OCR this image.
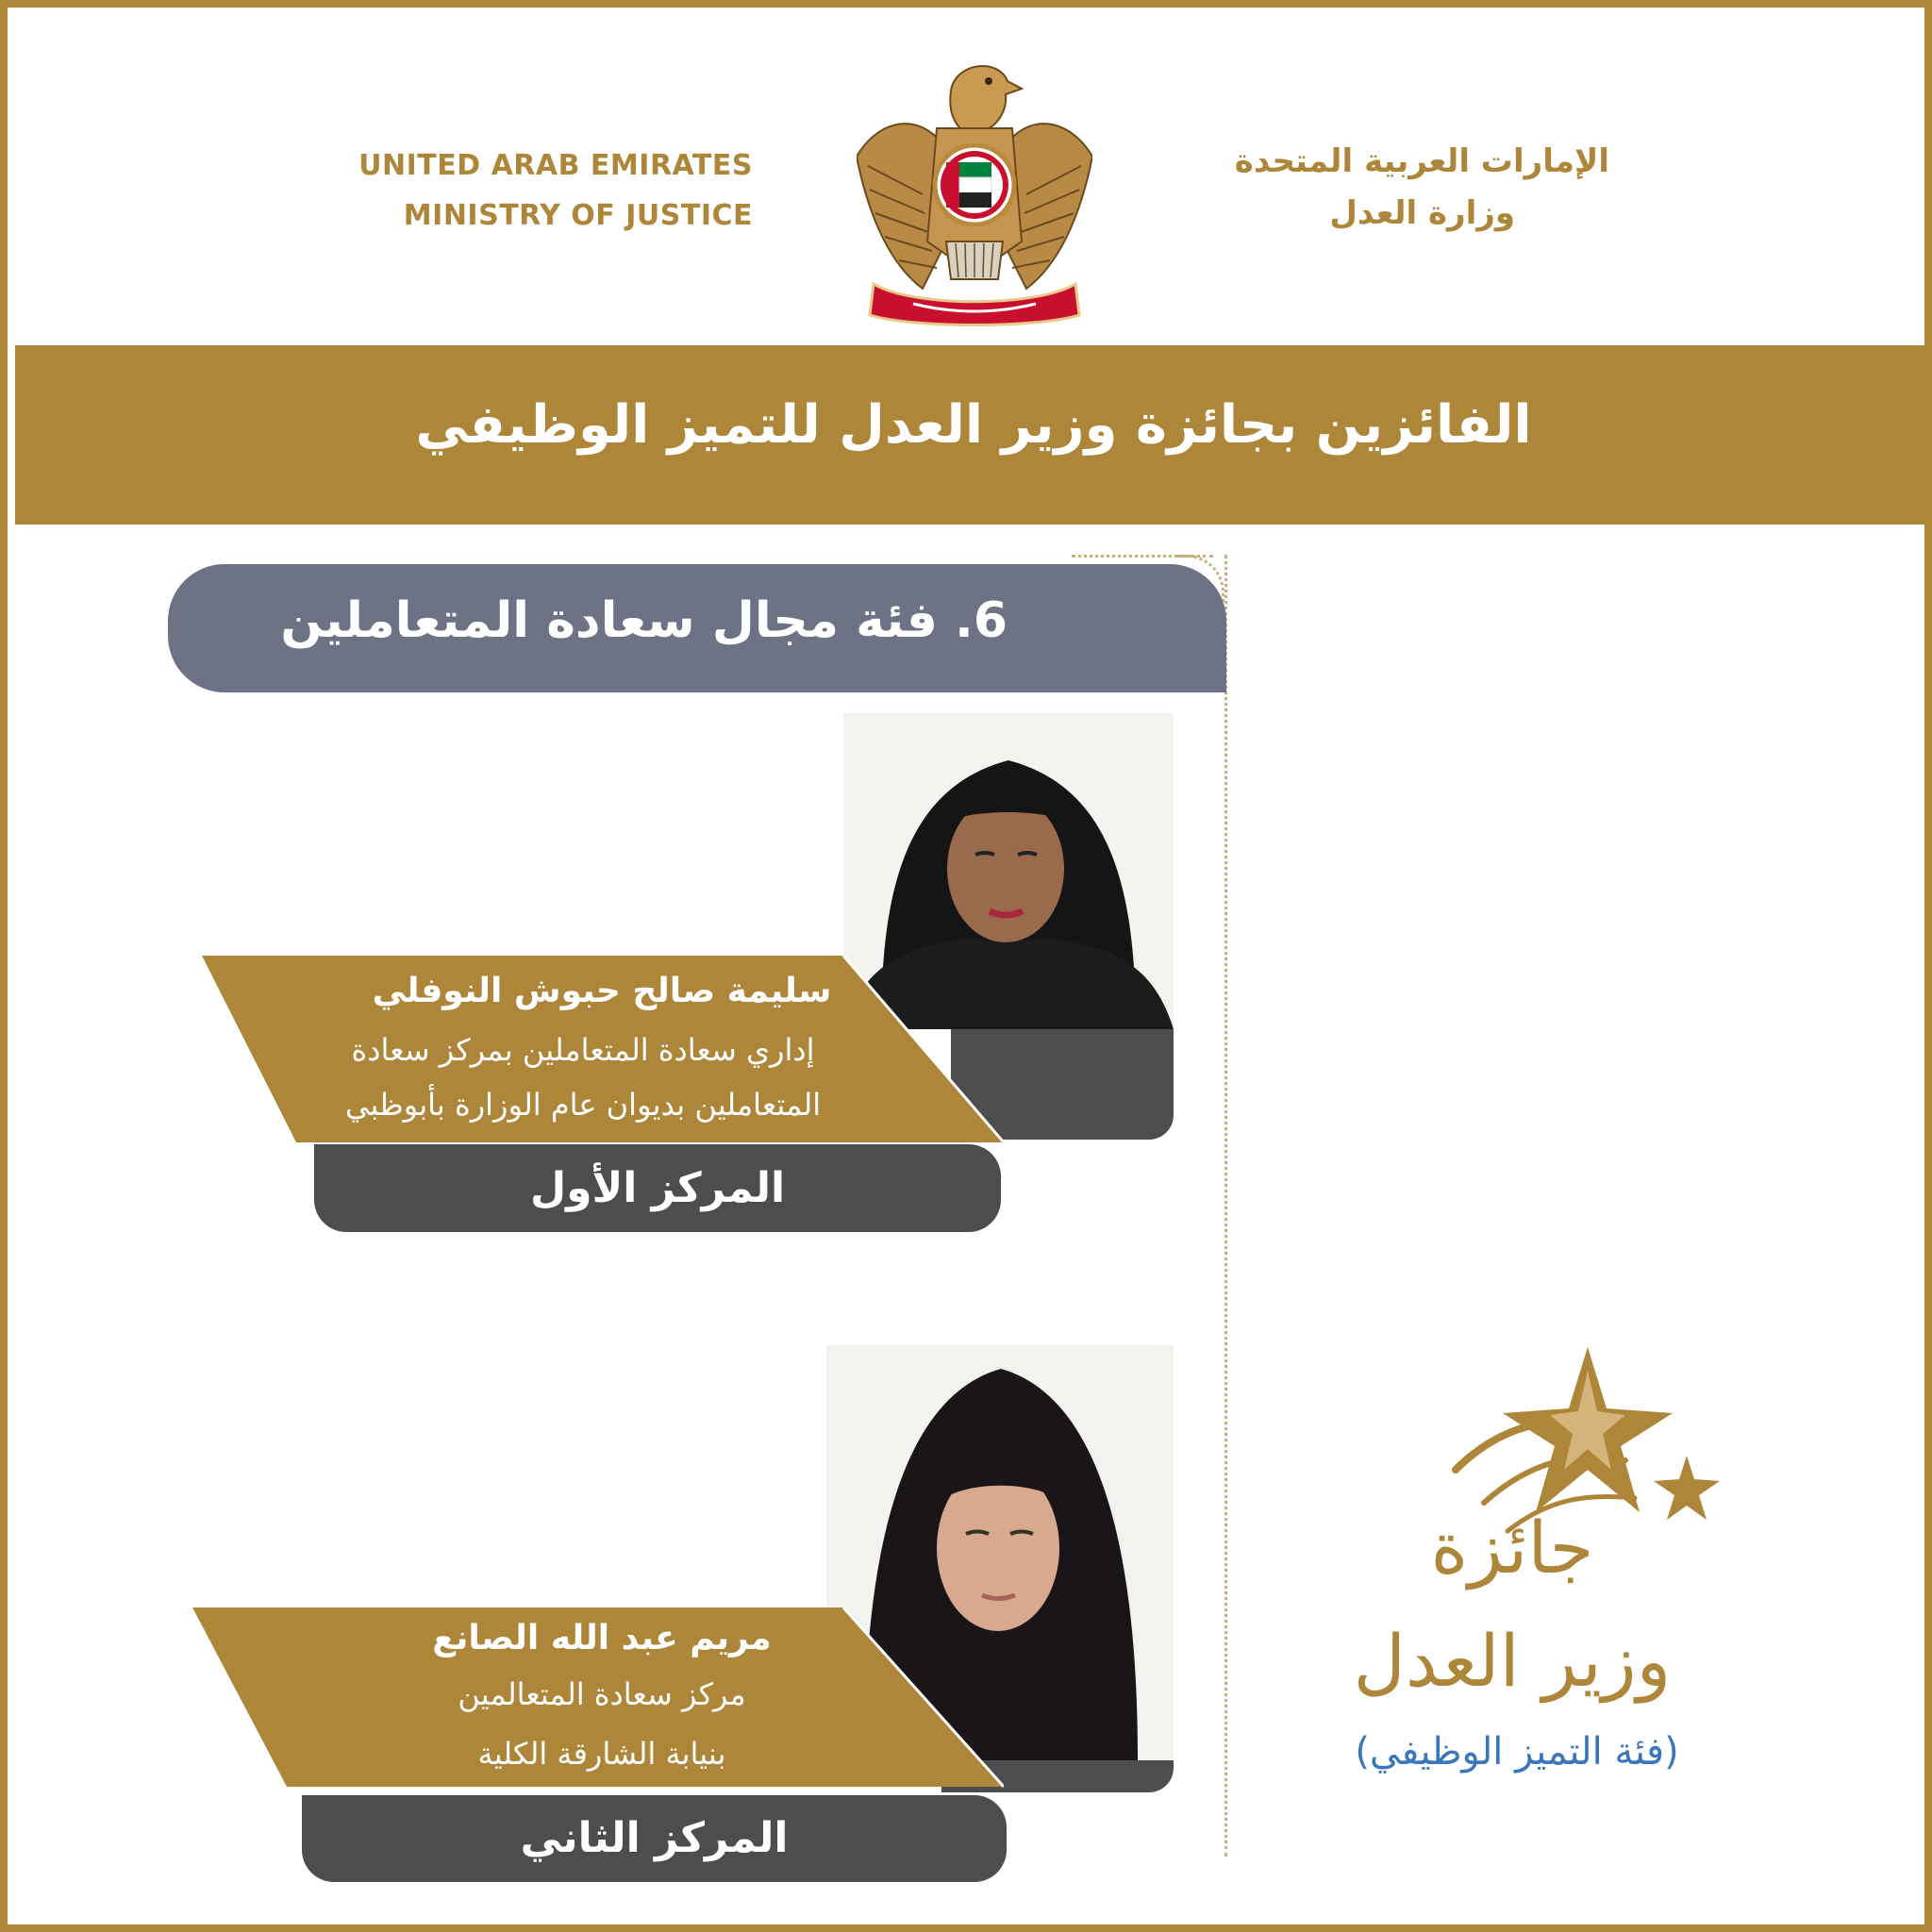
UNITED ARAB EMIRATES
MINISTRY OF JUSTICE
الإمارات العربية المتحدة
وزارة العدل
الفائزين بجائزة وزير العدل للتميز الوظيفي
6. فئة مجال سعادة المتعاملين
سليمة صالح حبوش النوفلي
إداري سعادة المتعاملين بمركز سعادة
المتعاملين بديوان عام الوزارة بأبوظبي
المركز الأول
مريم عبد الله الصانع
مركز سعادة المتعالمين
بنيابة الشارقة الكلية
المركز الثاني
جائزة
وزير العدل
(فئة التميز الوظيفي)
